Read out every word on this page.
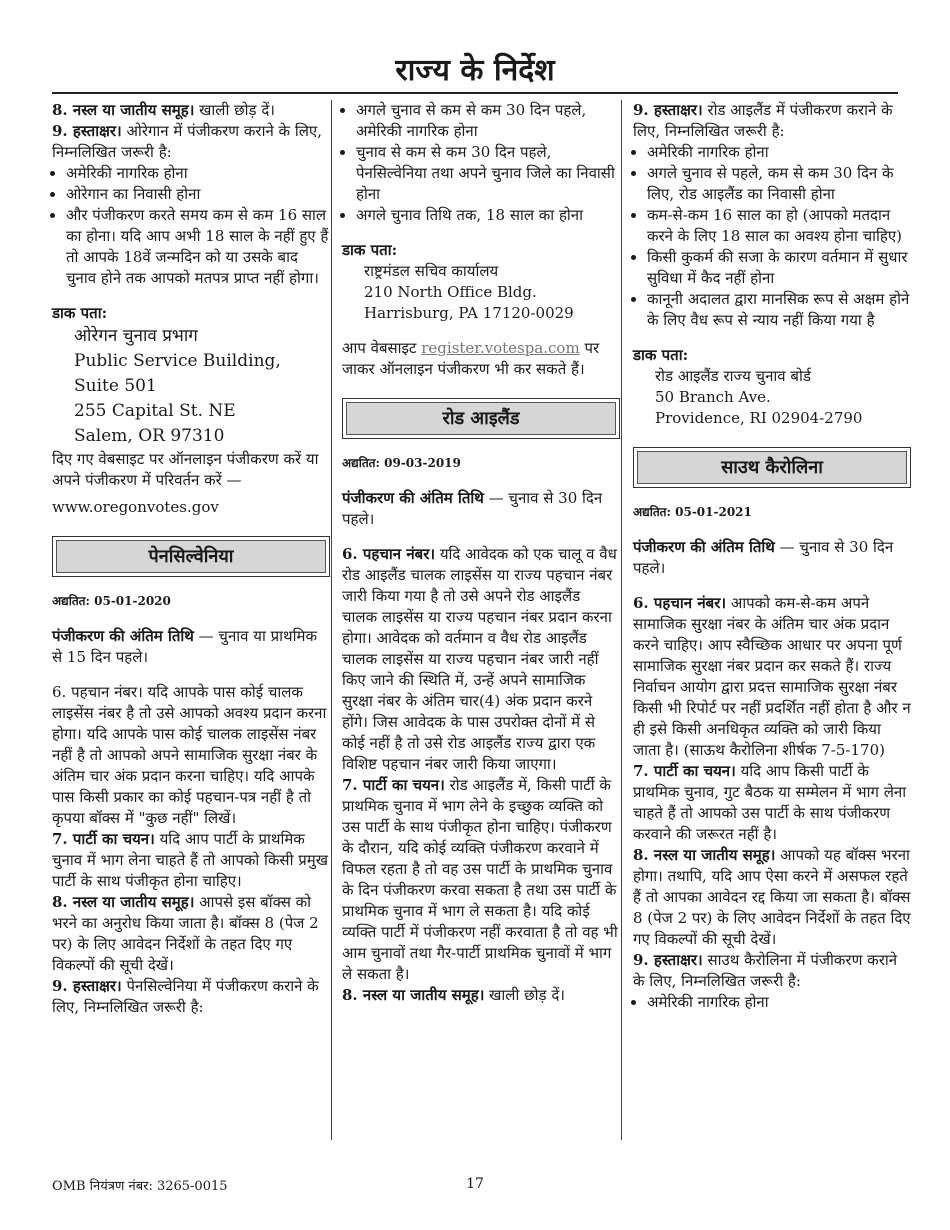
राज्य के निर्देश

8. नस्ल या जातीय समूह। खाली छोड़ दें।

9. हस्ताक्षर। ओरेगान में पंजीकरण कराने के लिए, निम्नलिखित जरूरी है:

• अमेरिकी नागरिक होना
• ओरेगान का निवासी होना
• और पंजीकरण करते समय कम से कम 16 साल का होना। यदि आप अभी 18 साल के नहीं हुए हैं तो आपके 18वें जन्मदिन को या उसके बाद चुनाव होने तक आपको मतपत्र प्राप्त नहीं होगा।

डाक पता:

ओरेगन चुनाव प्रभाग
Public Service Building,
Suite 501
255 Capital St. NE
Salem, OR 97310

दिए गए वेबसाइट पर ऑनलाइन पंजीकरण करें या अपने पंजीकरण में परिवर्तन करें —

www.oregonvotes.gov

पेनसिल्वेनिया

अद्यतित: 05-01-2020

पंजीकरण की अंतिम तिथि — चुनाव या प्राथमिक से 15 दिन पहले।

6. पहचान नंबर। यदि आपके पास कोई चालक लाइसेंस नंबर है तो उसे आपको अवश्य प्रदान करना होगा। यदि आपके पास कोई चालक लाइसेंस नंबर नहीं है तो आपको अपने सामाजिक सुरक्षा नंबर के अंतिम चार अंक प्रदान करना चाहिए। यदि आपके पास किसी प्रकार का कोई पहचान-पत्र नहीं है तो कृपया बॉक्स में "कुछ नहीं" लिखें।

7. पार्टी का चयन। यदि आप पार्टी के प्राथमिक चुनाव में भाग लेना चाहते हैं तो आपको किसी प्रमुख पार्टी के साथ पंजीकृत होना चाहिए।

8. नस्ल या जातीय समूह। आपसे इस बॉक्स को भरने का अनुरोध किया जाता है। बॉक्स 8 (पेज 2 पर) के लिए आवेदन निर्देशों के तहत दिए गए विकल्पों की सूची देखें।

9. हस्ताक्षर। पेनसिल्वेनिया में पंजीकरण कराने के लिए, निम्नलिखित जरूरी है:

• अगले चुनाव से कम से कम 30 दिन पहले, अमेरिकी नागरिक होना
• चुनाव से कम से कम 30 दिन पहले, पेनसिल्वेनिया तथा अपने चुनाव जिले का निवासी होना
• अगले चुनाव तिथि तक, 18 साल का होना

डाक पता:

राष्ट्रमंडल सचिव कार्यालय
210 North Office Bldg.
Harrisburg, PA 17120-0029

आप वेबसाइट register.votespa.com पर जाकर ऑनलाइन पंजीकरण भी कर सकते हैं।

रोड आइलैंड

अद्यतित: 09-03-2019

पंजीकरण की अंतिम तिथि — चुनाव से 30 दिन पहले।

6. पहचान नंबर। यदि आवेदक को एक चालू व वैध रोड आइलैंड चालक लाइसेंस या राज्य पहचान नंबर जारी किया गया है तो उसे अपने रोड आइलैंड चालक लाइसेंस या राज्य पहचान नंबर प्रदान करना होगा। आवेदक को वर्तमान व वैध रोड आइलैंड चालक लाइसेंस या राज्य पहचान नंबर जारी नहीं किए जाने की स्थिति में, उन्हें अपने सामाजिक सुरक्षा नंबर के अंतिम चार(4) अंक प्रदान करने होंगे। जिस आवेदक के पास उपरोक्त दोनों में से कोई नहीं है तो उसे रोड आइलैंड राज्य द्वारा एक विशिष्ट पहचान नंबर जारी किया जाएगा।

7. पार्टी का चयन। रोड आइलैंड में, किसी पार्टी के प्राथमिक चुनाव में भाग लेने के इच्छुक व्यक्ति को उस पार्टी के साथ पंजीकृत होना चाहिए। पंजीकरण के दौरान, यदि कोई व्यक्ति पंजीकरण करवाने में विफल रहता है तो वह उस पार्टी के प्राथमिक चुनाव के दिन पंजीकरण करवा सकता है तथा उस पार्टी के प्राथमिक चुनाव में भाग ले सकता है। यदि कोई व्यक्ति पार्टी में पंजीकरण नहीं करवाता है तो वह भी आम चुनावों तथा गैर-पार्टी प्राथमिक चुनावों में भाग ले सकता है।

8. नस्ल या जातीय समूह। खाली छोड़ दें।

9. हस्ताक्षर। रोड आइलैंड में पंजीकरण कराने के लिए, निम्नलिखित जरूरी है:

• अमेरिकी नागरिक होना
• अगले चुनाव से पहले, कम से कम 30 दिन के लिए, रोड आइलैंड का निवासी होना
• कम-से-कम 16 साल का हो (आपको मतदान करने के लिए 18 साल का अवश्य होना चाहिए)
• किसी कुकर्म की सजा के कारण वर्तमान में सुधार सुविधा में कैद नहीं होना
• कानूनी अदालत द्वारा मानसिक रूप से अक्षम होने के लिए वैध रूप से न्याय नहीं किया गया है

डाक पता:

रोड आइलैंड राज्य चुनाव बोर्ड
50 Branch Ave.
Providence, RI 02904-2790
साउथ कैरोलिना

अद्यतित: 05-01-2021

पंजीकरण की अंतिम तिथि — चुनाव से 30 दिन पहले।

6. पहचान नंबर। आपको कम-से-कम अपने सामाजिक सुरक्षा नंबर के अंतिम चार अंक प्रदान करने चाहिए। आप स्वैच्छिक आधार पर अपना पूर्ण सामाजिक सुरक्षा नंबर प्रदान कर सकते हैं। राज्य निर्वाचन आयोग द्वारा प्रदत्त सामाजिक सुरक्षा नंबर किसी भी रिपोर्ट पर नहीं प्रदर्शित नहीं होता है और न ही इसे किसी अनधिकृत व्यक्ति को जारी किया जाता है। (साऊथ कैरोलिना शीर्षक 7-5-170)

7. पार्टी का चयन। यदि आप किसी पार्टी के प्राथमिक चुनाव, गुट बैठक या सम्मेलन में भाग लेना चाहते हैं तो आपको उस पार्टी के साथ पंजीकरण करवाने की जरूरत नहीं है।

8. नस्ल या जातीय समूह। आपको यह बॉक्स भरना होगा। तथापि, यदि आप ऐसा करने में असफल रहते हैं तो आपका आवेदन रद्द किया जा सकता है। बॉक्स 8 (पेज 2 पर) के लिए आवेदन निर्देशों के तहत दिए गए विकल्पों की सूची देखें।

9. हस्ताक्षर। साउथ कैरोलिना में पंजीकरण कराने के लिए, निम्नलिखित जरूरी है:

• अमेरिकी नागरिक होना
OMB नियंत्रण नंबर: 3265-0015	17
